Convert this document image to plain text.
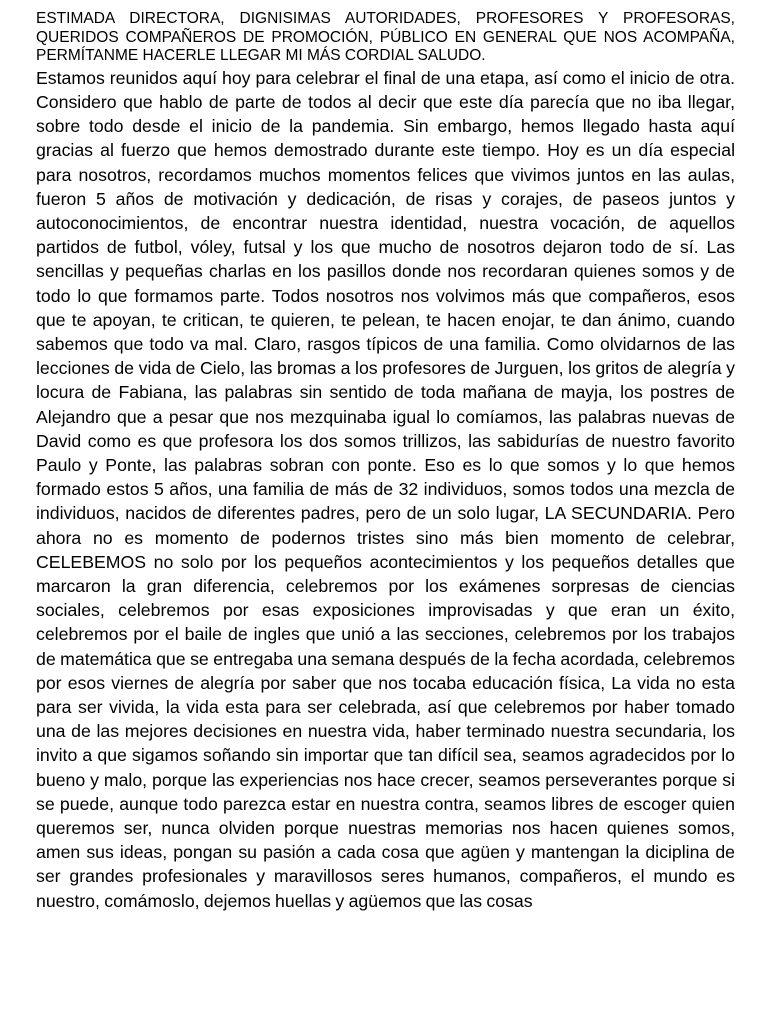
ESTIMADA DIRECTORA, DIGNISIMAS AUTORIDADES, PROFESORES Y PROFESORAS, QUERIDOS COMPAÑEROS DE PROMOCIÓN, PÚBLICO EN GENERAL QUE NOS ACOMPAÑA, PERMÍTANME HACERLE LLEGAR MI MÁS CORDIAL SALUDO.

Estamos reunidos aquí hoy para celebrar el final de una etapa, así como el inicio de otra. Considero que hablo de parte de todos al decir que este día parecía que no iba llegar, sobre todo desde el inicio de la pandemia. Sin embargo, hemos llegado hasta aquí gracias al fuerzo que hemos demostrado durante este tiempo. Hoy es un día especial para nosotros, recordamos muchos momentos felices que vivimos juntos en las aulas, fueron 5 años de motivación y dedicación, de risas y corajes, de paseos juntos y autoconocimientos, de encontrar nuestra identidad, nuestra vocación, de aquellos partidos de futbol, vóley, futsal y los que mucho de nosotros dejaron todo de sí. Las sencillas y pequeñas charlas en los pasillos donde nos recordaran quienes somos y de todo lo que formamos parte. Todos nosotros nos volvimos más que compañeros, esos que te apoyan, te critican, te quieren, te pelean, te hacen enojar, te dan ánimo, cuando sabemos que todo va mal. Claro, rasgos típicos de una familia. Como olvidarnos de las lecciones de vida de Cielo, las bromas a los profesores de Jurguen, los gritos de alegría y locura de Fabiana, las palabras sin sentido de toda mañana de mayja, los postres de Alejandro que a pesar que nos mezquinaba igual lo comíamos, las palabras nuevas de David como es que profesora los dos somos trillizos, las sabidurías de nuestro favorito Paulo y Ponte, las palabras sobran con ponte. Eso es lo que somos y lo que hemos formado estos 5 años, una familia de más de 32 individuos, somos todos una mezcla de individuos, nacidos de diferentes padres, pero de un solo lugar, LA SECUNDARIA. Pero ahora no es momento de podernos tristes sino más bien momento de celebrar, CELEBEMOS no solo por los pequeños acontecimientos y los pequeños detalles que marcaron la gran diferencia, celebremos por los exámenes sorpresas de ciencias sociales, celebremos por esas exposiciones improvisadas y que eran un éxito, celebremos por el baile de ingles que unió a las secciones, celebremos por los trabajos de matemática que se entregaba una semana después de la fecha acordada, celebremos por esos viernes de alegría por saber que nos tocaba educación física, La vida no esta para ser vivida, la vida esta para ser celebrada, así que celebremos por haber tomado una de las mejores decisiones en nuestra vida, haber terminado nuestra secundaria, los invito a que sigamos soñando sin importar que tan difícil sea, seamos agradecidos por lo bueno y malo, porque las experiencias nos hace crecer, seamos perseverantes porque si se puede, aunque todo parezca estar en nuestra contra, seamos libres de escoger quien queremos ser, nunca olviden porque nuestras memorias nos hacen quienes somos, amen sus ideas, pongan su pasión a cada cosa que agüen y mantengan la diciplina de ser grandes profesionales y maravillosos seres humanos, compañeros, el mundo es nuestro, comámoslo, dejemos huellas y agüemos que las cosas
